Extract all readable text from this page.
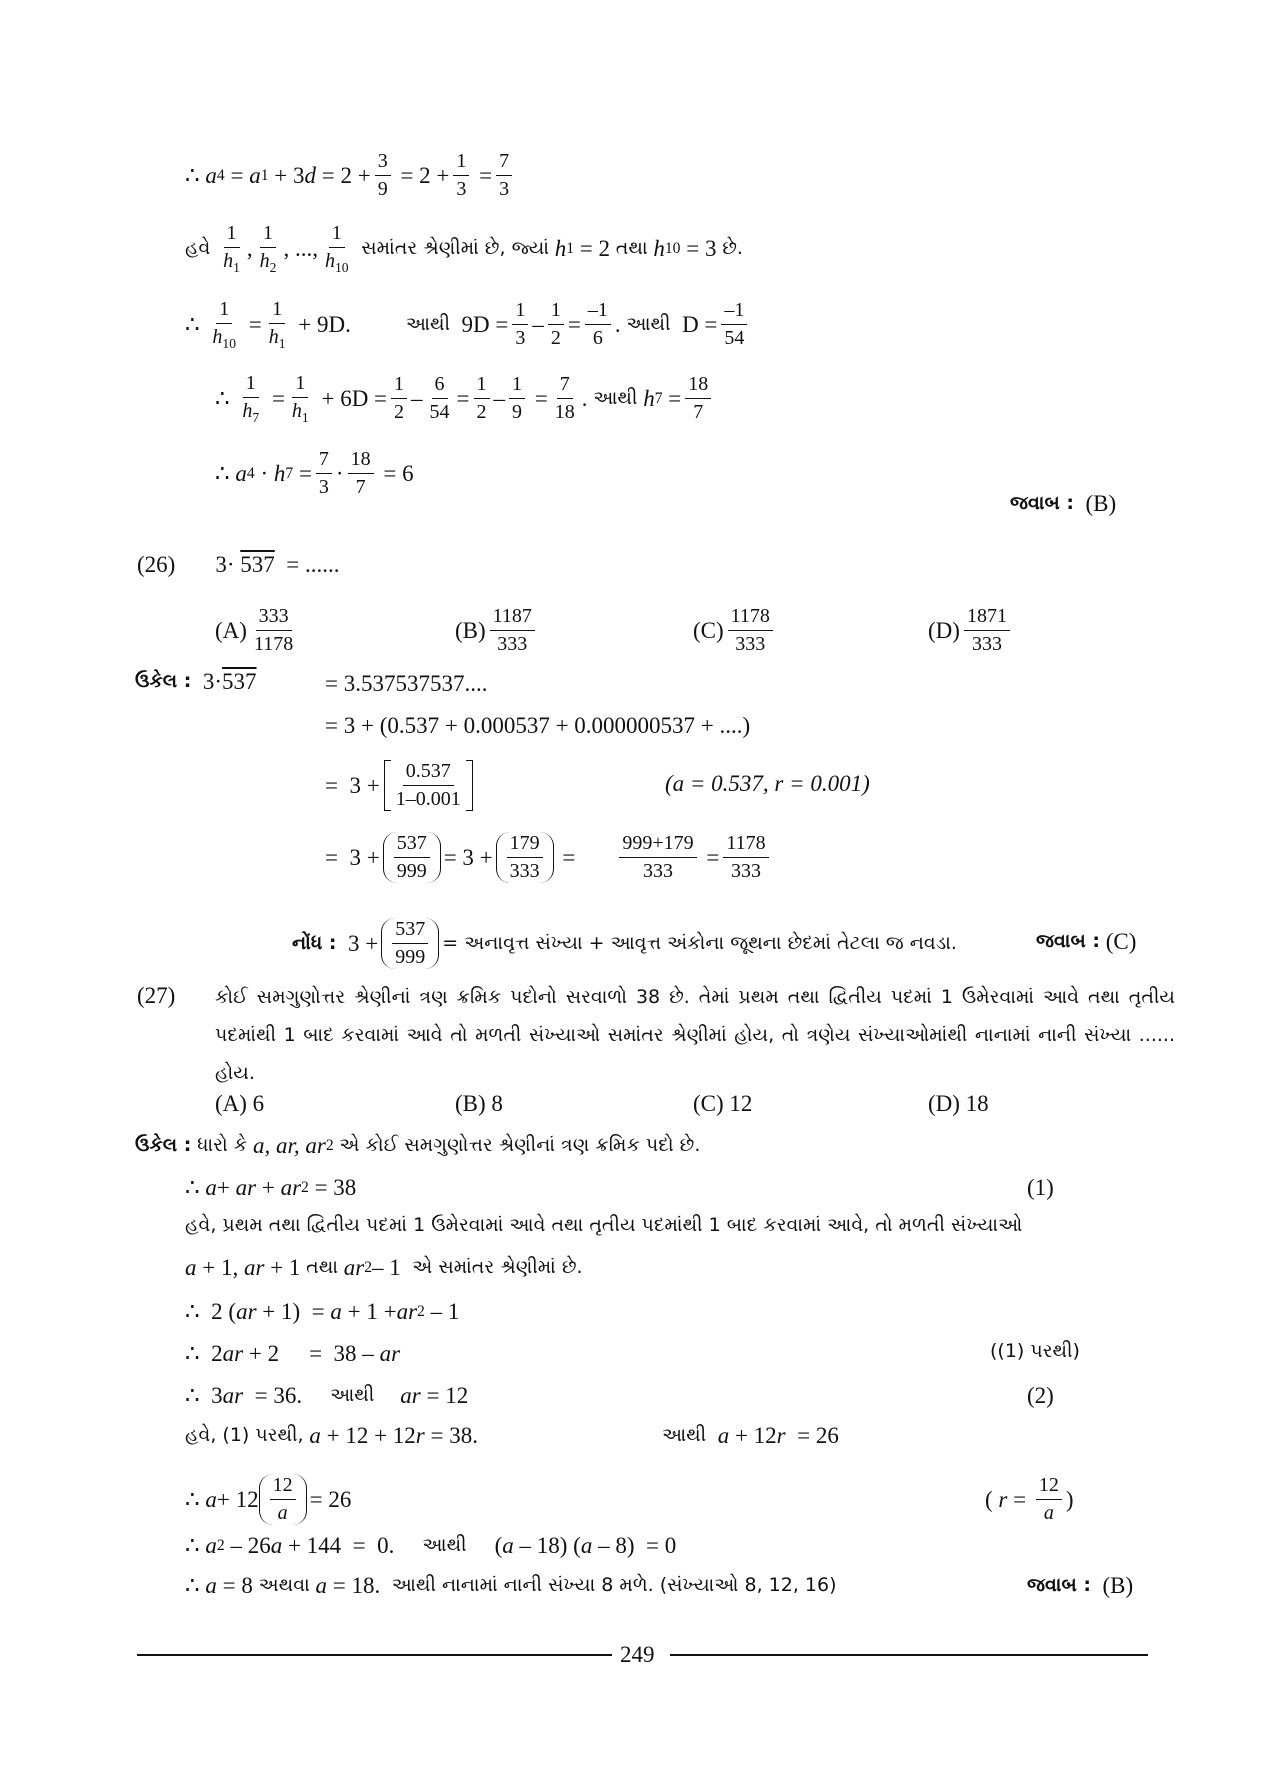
∴
a 4 = a 1 + 3 $d = 2 + \frac{3}{9} = 2 + \frac{1}{3} = \frac{7}{3}$
હવે
$\frac{1}{h_1}$ , $\frac{1}{h_2}$ , ..., $\frac{1}{h_{10}}$
સમાંતર શ્રેણીમાં છે, જ્યાં
h 1 = 2 તથા
h 10 = 3 છે.
∴
$\frac{1}{h_{10}} = \frac{1}{h_1} + 9D$.	આથી $9D = \frac{1}{3} - \frac{1}{2} = \frac{-1}{6}$ . આથી $D = \frac{-1}{54}$
∴
$\frac{1}{h_7} = \frac{1}{h_1} + 6D = \frac{1}{2} - \frac{6}{54} = \frac{1}{2} - \frac{1}{9} = \frac{7}{18}$ . આથી
h $7 = \frac{18}{7}$
∴
a 4 · h $7 = \frac{7}{3} \cdot \frac{18}{7} = 6$
જવાબ :
(B)
(26) 3· 537  = ......
$(A) \frac{333}{1178}$	$(B) \frac{1187}{333}$	$(C) \frac{1178}{333}$	$(D) \frac{1871}{333}$
ઉકેલ : 3· 537	= 3.537537537....
= 3 + (0.537 + 0.000537 + 0.000000537 + ....)
=  $3 + \frac{0.537}{1-0.001}$	(a = 0.537, r = 0.001)
=  $3 + \frac{537}{999} = 3 + \frac{179}{333} = \frac{999+179}{333} = \frac{1178}{333}$
નોંધ : $3 + \frac{537}{999}$ = અનાવૃત્ત સંખ્યા + આવૃત્ત અંકોના જૂથના છેદમાં તેટલા જ નવડા.	જવાબ :
(C)
(27) કોઈ સમગુણોત્તર શ્રેણીનાં ત્રણ ક્રમિક પદોનો સરવાળો 38 છે. તેમાં પ્રથમ તથા દ્વિતીય પદમાં 1 ઉમેરવામાં આવે તથા તૃતીય પદમાંથી 1 બાદ કરવામાં આવે તો મળતી સંખ્યાઓ સમાંતર શ્રેણીમાં હોય, તો ત્રણેય સંખ્યાઓમાંથી નાનામાં નાની સંખ્યા ...... હોય.
(A) 6	(B) 8	(C) 12	(D) 18
ઉકેલ :
ધારો કે
a, ar, ar 2
એ કોઈ સમગુણોત્તર શ્રેણીનાં ત્રણ ક્રમિક પદો છે.
∴
a + ar + ar 2 = 38	(1)
હવે, પ્રથમ તથા દ્વિતીય પદમાં 1 ઉમેરવામાં આવે તથા તૃતીય પદમાંથી 1 બાદ કરવામાં આવે, તો મળતી સંખ્યાઓ
a + 1, ar + 1 તથા
ar 2 – 1 એ સમાંતર શ્રેણીમાં છે.
∴ 2 ( ar + 1)  = a + 1 + ar 2 – 1
∴ 2 ar + 2 =  38 – ar	((1) પરથી)
∴ 3 ar = 36. આથી ar = 12	(2)
હવે, (1) પરથી,
a + 12 + 12 r = 38.	આથી
a + 12 r = 26
∴
$a + 12 \frac{12}{a} = 26$	( $r = \frac{12}{a}$ )
∴
a 2 – 26 a + 144  =  0. આથી ( a – 18) ( a – 8)  = 0
∴
a = 8 અથવા
a = 18. આથી નાનામાં નાની સંખ્યા 8 મળે. (સંખ્યાઓ 8, 12, 16)	જવાબ :
(B)
249
